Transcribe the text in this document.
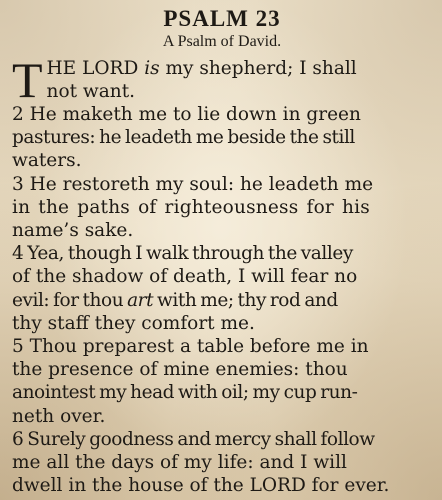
PSALM 23
A Psalm of David.

T HE LORD is my shepherd; I shall
not want.

2 He maketh me to lie down in green
pastures: he leadeth me beside the still
waters.

3 He restoreth my soul: he leadeth me
in the paths of righteousness for his
name’s sake.

4 Yea, though I walk through the valley
of the shadow of death, I will fear no
evil: for thou art with me; thy rod and
thy staff they comfort me.

5 Thou preparest a table before me in
the presence of mine enemies: thou
anointest my head with oil; my cup run-
neth over.

6 Surely goodness and mercy shall follow
me all the days of my life: and I will
dwell in the house of the LORD for ever.
